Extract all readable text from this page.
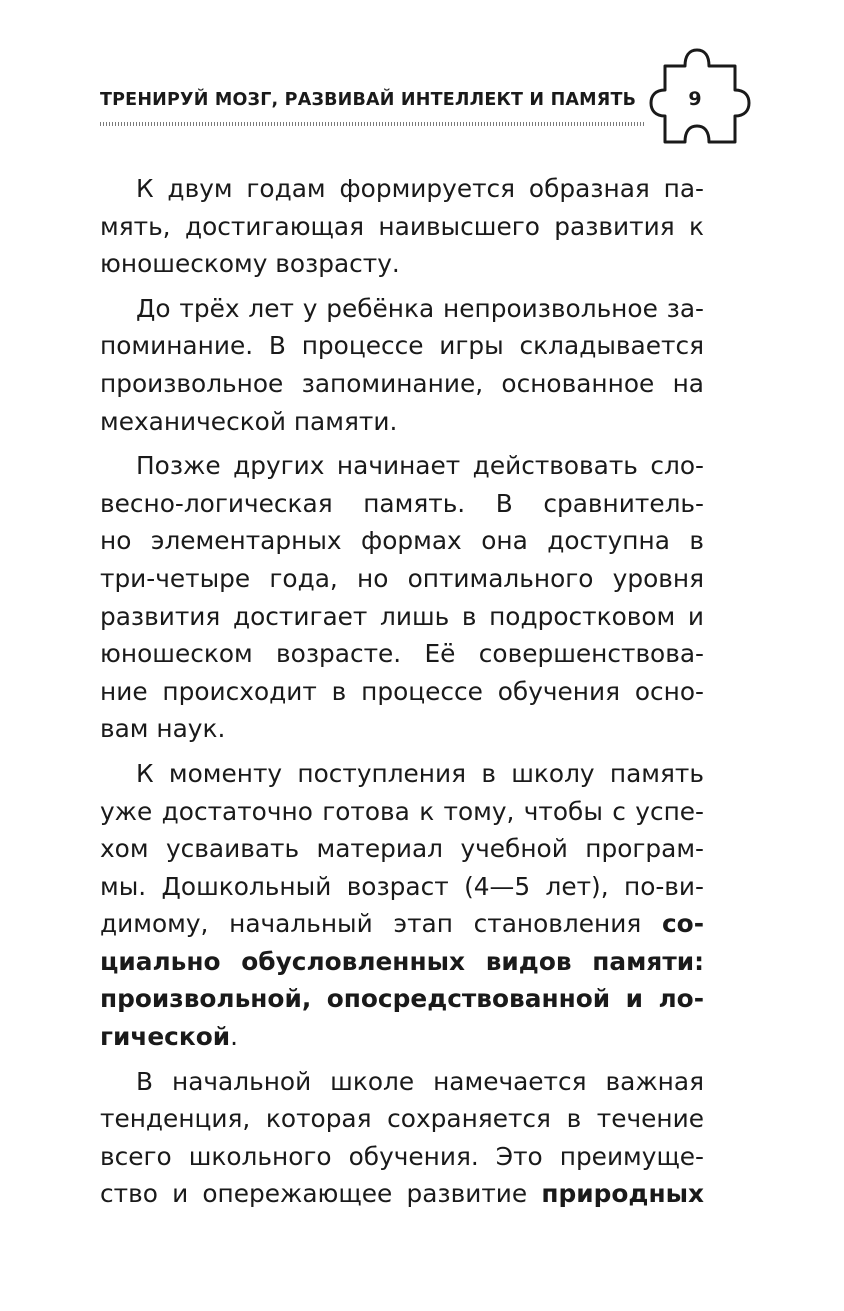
ТРЕНИРУЙ МОЗГ, РАЗВИВАЙ ИНТЕЛЛЕКТ И ПАМЯТЬ	9

К двум годам формируется образная па-
мять, достигающая наивысшего развития к
юношескому возрасту.

До трёх лет у ребёнка непроизвольное за-
поминание. В процессе игры складывается
произвольное запоминание, основанное на
механической памяти.

Позже других начинает действовать сло-
весно-логическая память. В сравнитель-
но элементарных формах она доступна в
три-четыре года, но оптимального уровня
развития достигает лишь в подростковом и
юношеском возрасте. Её совершенствова-
ние происходит в процессе обучения осно-
вам наук.

К моменту поступления в школу память
уже достаточно готова к тому, чтобы с успе-
хом усваивать материал учебной програм-
мы. Дошкольный возраст (4—5 лет), по-ви-
димому, начальный этап становления со-
циально обусловленных видов памяти:
произвольной, опосредствованной и ло-
гической.

В начальной школе намечается важная
тенденция, которая сохраняется в течение
всего школьного обучения. Это преимуще-
ство и опережающее развитие природных
